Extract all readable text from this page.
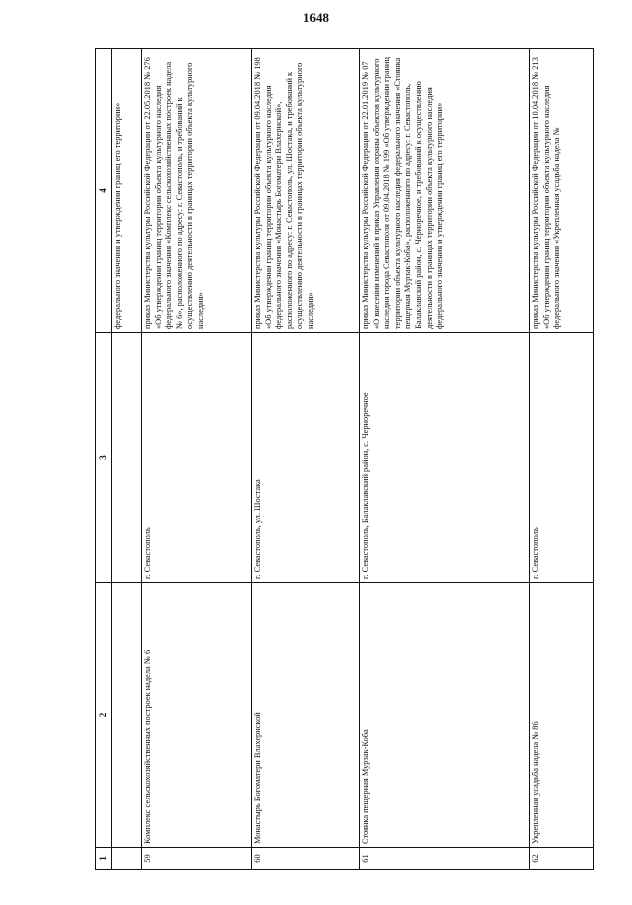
1648
1
2
3
4 федерального значения и утверждении границ его территории»
59
Комплекс сельскохозяйственных построек надела № 6
г. Севастополь
приказ Министерства культуры Российской Федерации от 22.05.2018 № 276 «Об утверждении границ территории объекта культурного наследия федерального значения «Комплекс сельскохозяйственных построек надела № 6», расположенного по адресу: г. Севастополь, и требований к осуществлению деятельности в границах территории объекта культурного наследия»
60
Монастырь Богоматери Влахернской
г. Севастополь, ул. Шостака
приказ Министерства культуры Российской Федерации от 09.04.2018 № 198 «Об утверждении границ территории объекта культурного наследия федерального значения «Монастырь Богоматери Влахернской», расположенного по адресу: г. Севастополь, ул. Шостака, и требований к осуществлению деятельности в границах территории объекта культурного наследия»
61
Стоянка пещерная Мурзак-Коба
г. Севастополь, Балаклавский район, с. Черноречное
приказ Министерства культуры Российской Федерации от 22.01.2019 № 07 «О внесении изменений в приказ Управления охраны объектов культурного наследия города Севастополя от 09.04.2018 № 199 «Об утверждении границ территории объекта культурного наследия федерального значения «Стоянка пещерная Мурзак-Коба», расположенного по адресу: г. Севастополь, Балаклавский район, с. Черноречное, и требований к осуществлению деятельности в границах территории объекта культурного наследия федерального значения и утверждении границ его территории»
62
Укрепленная усадьба надела № 86
г. Севастополь
приказ Министерства культуры Российской Федерации от 10.04.2018 № 213 «Об утверждении границ территории объекта культурного наследия федерального значения «Укрепленная усадьба надела №
